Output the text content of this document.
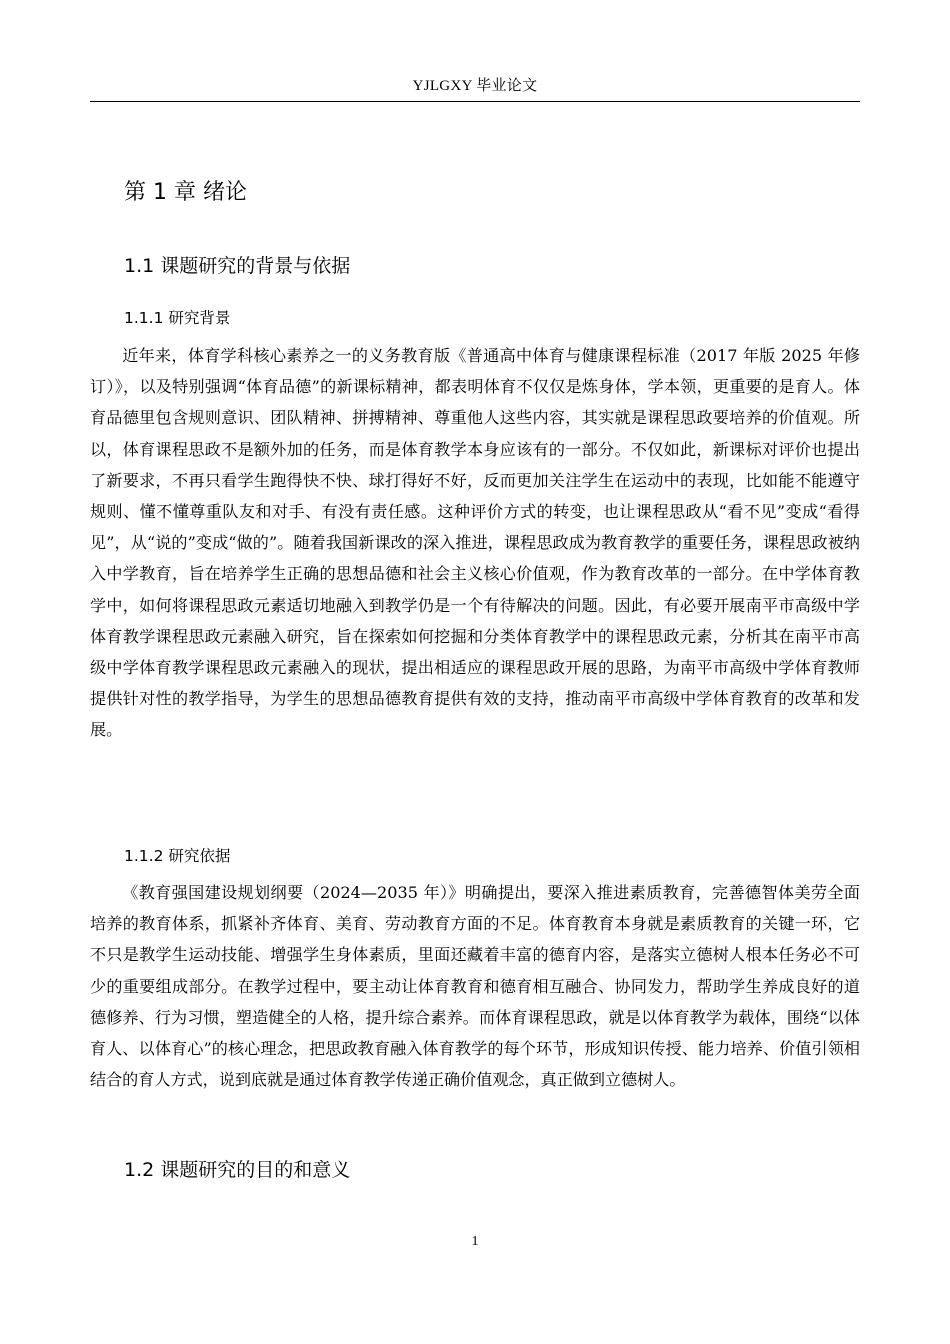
YJLGXY 毕业论文
第 1 章 绪论
1.1 课题研究的背景与依据
1.1.1 研究背景

近年来，体育学科核心素养之一的义务教育版《普通高中体育与健康课程标准（2017 年版 2025 年修订）》，以及特别强调“体育品德”的新课标精神，都表明体育不仅仅是炼身体，学本领，更重要的是育人。体育品德里包含规则意识、团队精神、拼搏精神、尊重他人这些内容，其实就是课程思政要培养的价值观。所以，体育课程思政不是额外加的任务，而是体育教学本身应该有的一部分。不仅如此，新课标对评价也提出了新要求，不再只看学生跑得快不快、球打得好不好，反而更加关注学生在运动中的表现，比如能不能遵守规则、懂不懂尊重队友和对手、有没有责任感。这种评价方式的转变，也让课程思政从“看不见”变成“看得见”，从“说的”变成“做的”。随着我国新课改的深入推进，课程思政成为教育教学的重要任务，课程思政被纳入中学教育，旨在培养学生正确的思想品德和社会主义核心价值观，作为教育改革的一部分。在中学体育教学中，如何将课程思政元素适切地融入到教学仍是一个有待解决的问题。因此，有必要开展南平市高级中学体育教学课程思政元素融入研究，旨在探索如何挖掘和分类体育教学中的课程思政元素，分析其在南平市高级中学体育教学课程思政元素融入的现状，提出相适应的课程思政开展的思路，为南平市高级中学体育教师提供针对性的教学指导，为学生的思想品德教育提供有效的支持，推动南平市高级中学体育教育的改革和发展。

1.1.2 研究依据

《教育强国建设规划纲要（2024—2035 年）》明确提出，要深入推进素质教育，完善德智体美劳全面培养的教育体系，抓紧补齐体育、美育、劳动教育方面的不足。体育教育本身就是素质教育的关键一环，它不只是教学生运动技能、增强学生身体素质，里面还藏着丰富的德育内容，是落实立德树人根本任务必不可少的重要组成部分。在教学过程中，要主动让体育教育和德育相互融合、协同发力，帮助学生养成良好的道德修养、行为习惯，塑造健全的人格，提升综合素养。而体育课程思政，就是以体育教学为载体，围绕“以体育人、以体育心”的核心理念，把思政教育融入体育教学的每个环节，形成知识传授、能力培养、价值引领相结合的育人方式，说到底就是通过体育教学传递正确价值观念，真正做到立德树人。

1.2 课题研究的目的和意义
1
